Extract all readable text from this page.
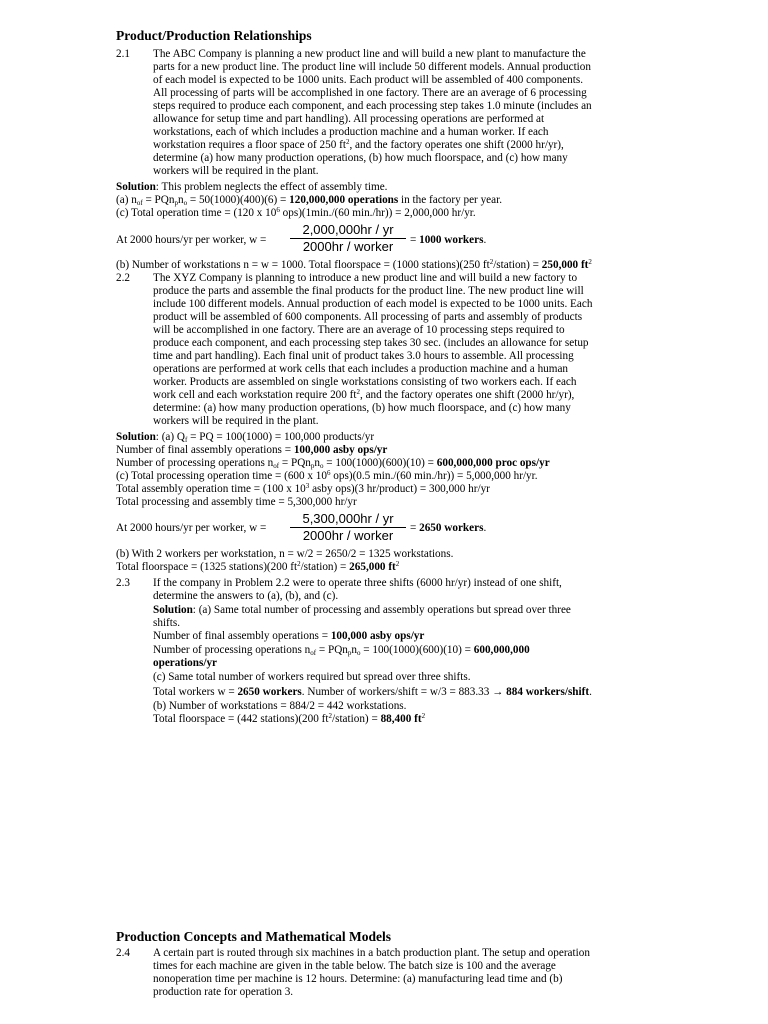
Product/Production Relationships
2.1 The ABC Company is planning a new product line and will build a new plant to manufacture the
parts for a new product line. The product line will include 50 different models. Annual production
of each model is expected to be 1000 units. Each product will be assembled of 400 components.
All processing of parts will be accomplished in one factory. There are an average of 6 processing
steps required to produce each component, and each processing step takes 1.0 minute (includes an
allowance for setup time and part handling). All processing operations are performed at
workstations, each of which includes a production machine and a human worker. If each
workstation requires a floor space of 250 $ft^2$, and the factory operates one shift (2000 hr/yr),
determine (a) how many production operations, (b) how much floorspace, and (c) how many
workers will be required in the plant.
Solution: This problem neglects the effect of assembly time.
(a) $n_{of} = PQn_pn_o = 50(1000)(400)(6) = 120,000,000$ operations in the factory per year.
(c) Total operation time = (120 x $10^6$ ops)(1min./(60 min./hr)) = 2,000,000 hr/yr.
At 2000 hours/yr per worker, w =
2,000,000hr / yr
2000hr / worker	= 1000 workers.
(b) Number of workstations n = w = 1000. Total floorspace = (1000 stations)(250 $ft^2/station) = 250,000$ $ft^2$
2.2 The XYZ Company is planning to introduce a new product line and will build a new factory to
produce the parts and assemble the final products for the product line. The new product line will
include 100 different models. Annual production of each model is expected to be 1000 units. Each
product will be assembled of 600 components. All processing of parts and assembly of products
will be accomplished in one factory. There are an average of 10 processing steps required to
produce each component, and each processing step takes 30 sec. (includes an allowance for setup
time and part handling). Each final unit of product takes 3.0 hours to assemble. All processing
operations are performed at work cells that each includes a production machine and a human
worker. Products are assembled on single workstations consisting of two workers each. If each
work cell and each workstation require 200 $ft^2$, and the factory operates one shift (2000 hr/yr),
determine: (a) how many production operations, (b) how much floorspace, and (c) how many
workers will be required in the plant.
Solution: (a) $Q_f$ = PQ = 100(1000) = 100,000 products/yr
Number of final assembly operations = 100,000 asby ops/yr
Number of processing operations $n_{of} = PQn_pn_o = 100(1000)(600)(10) = 600,000,000$ proc ops/yr
(c) Total processing operation time = (600 x $10^6$ ops)(0.5 min./(60 min./hr)) = 5,000,000 hr/yr.
Total assembly operation time = (100 x $10^3$ asby ops)(3 hr/product) = 300,000 hr/yr
Total processing and assembly time = 5,300,000 hr/yr
At 2000 hours/yr per worker, w =
5,300,000hr / yr
2000hr / worker	= 2650 workers.
(b) With 2 workers per workstation, n = w/2 = 2650/2 = 1325 workstations.
Total floorspace = (1325 stations)(200 $ft^2/station) = 265,000$ $ft^2$
2.3 If the company in Problem 2.2 were to operate three shifts (6000 hr/yr) instead of one shift,
determine the answers to (a), (b), and (c).
Solution: (a) Same total number of processing and assembly operations but spread over three
shifts.
Number of final assembly operations = 100,000 asby ops/yr
Number of processing operations $n_{of} = PQn_pn_o = 100(1000)(600)(10) = 600,000,000$
operations/yr
(c) Same total number of workers required but spread over three shifts.
Total workers w = 2650 workers. Number of workers/shift = w/3 = 883.33 → 884 workers/shift.
(b) Number of workstations = 884/2 = 442 workstations.
Total floorspace = (442 stations)(200 $ft^2/station) = 88,400$ $ft^2$
Production Concepts and Mathematical Models
2.4 A certain part is routed through six machines in a batch production plant. The setup and operation
times for each machine are given in the table below. The batch size is 100 and the average
nonoperation time per machine is 12 hours. Determine: (a) manufacturing lead time and (b)
production rate for operation 3.
